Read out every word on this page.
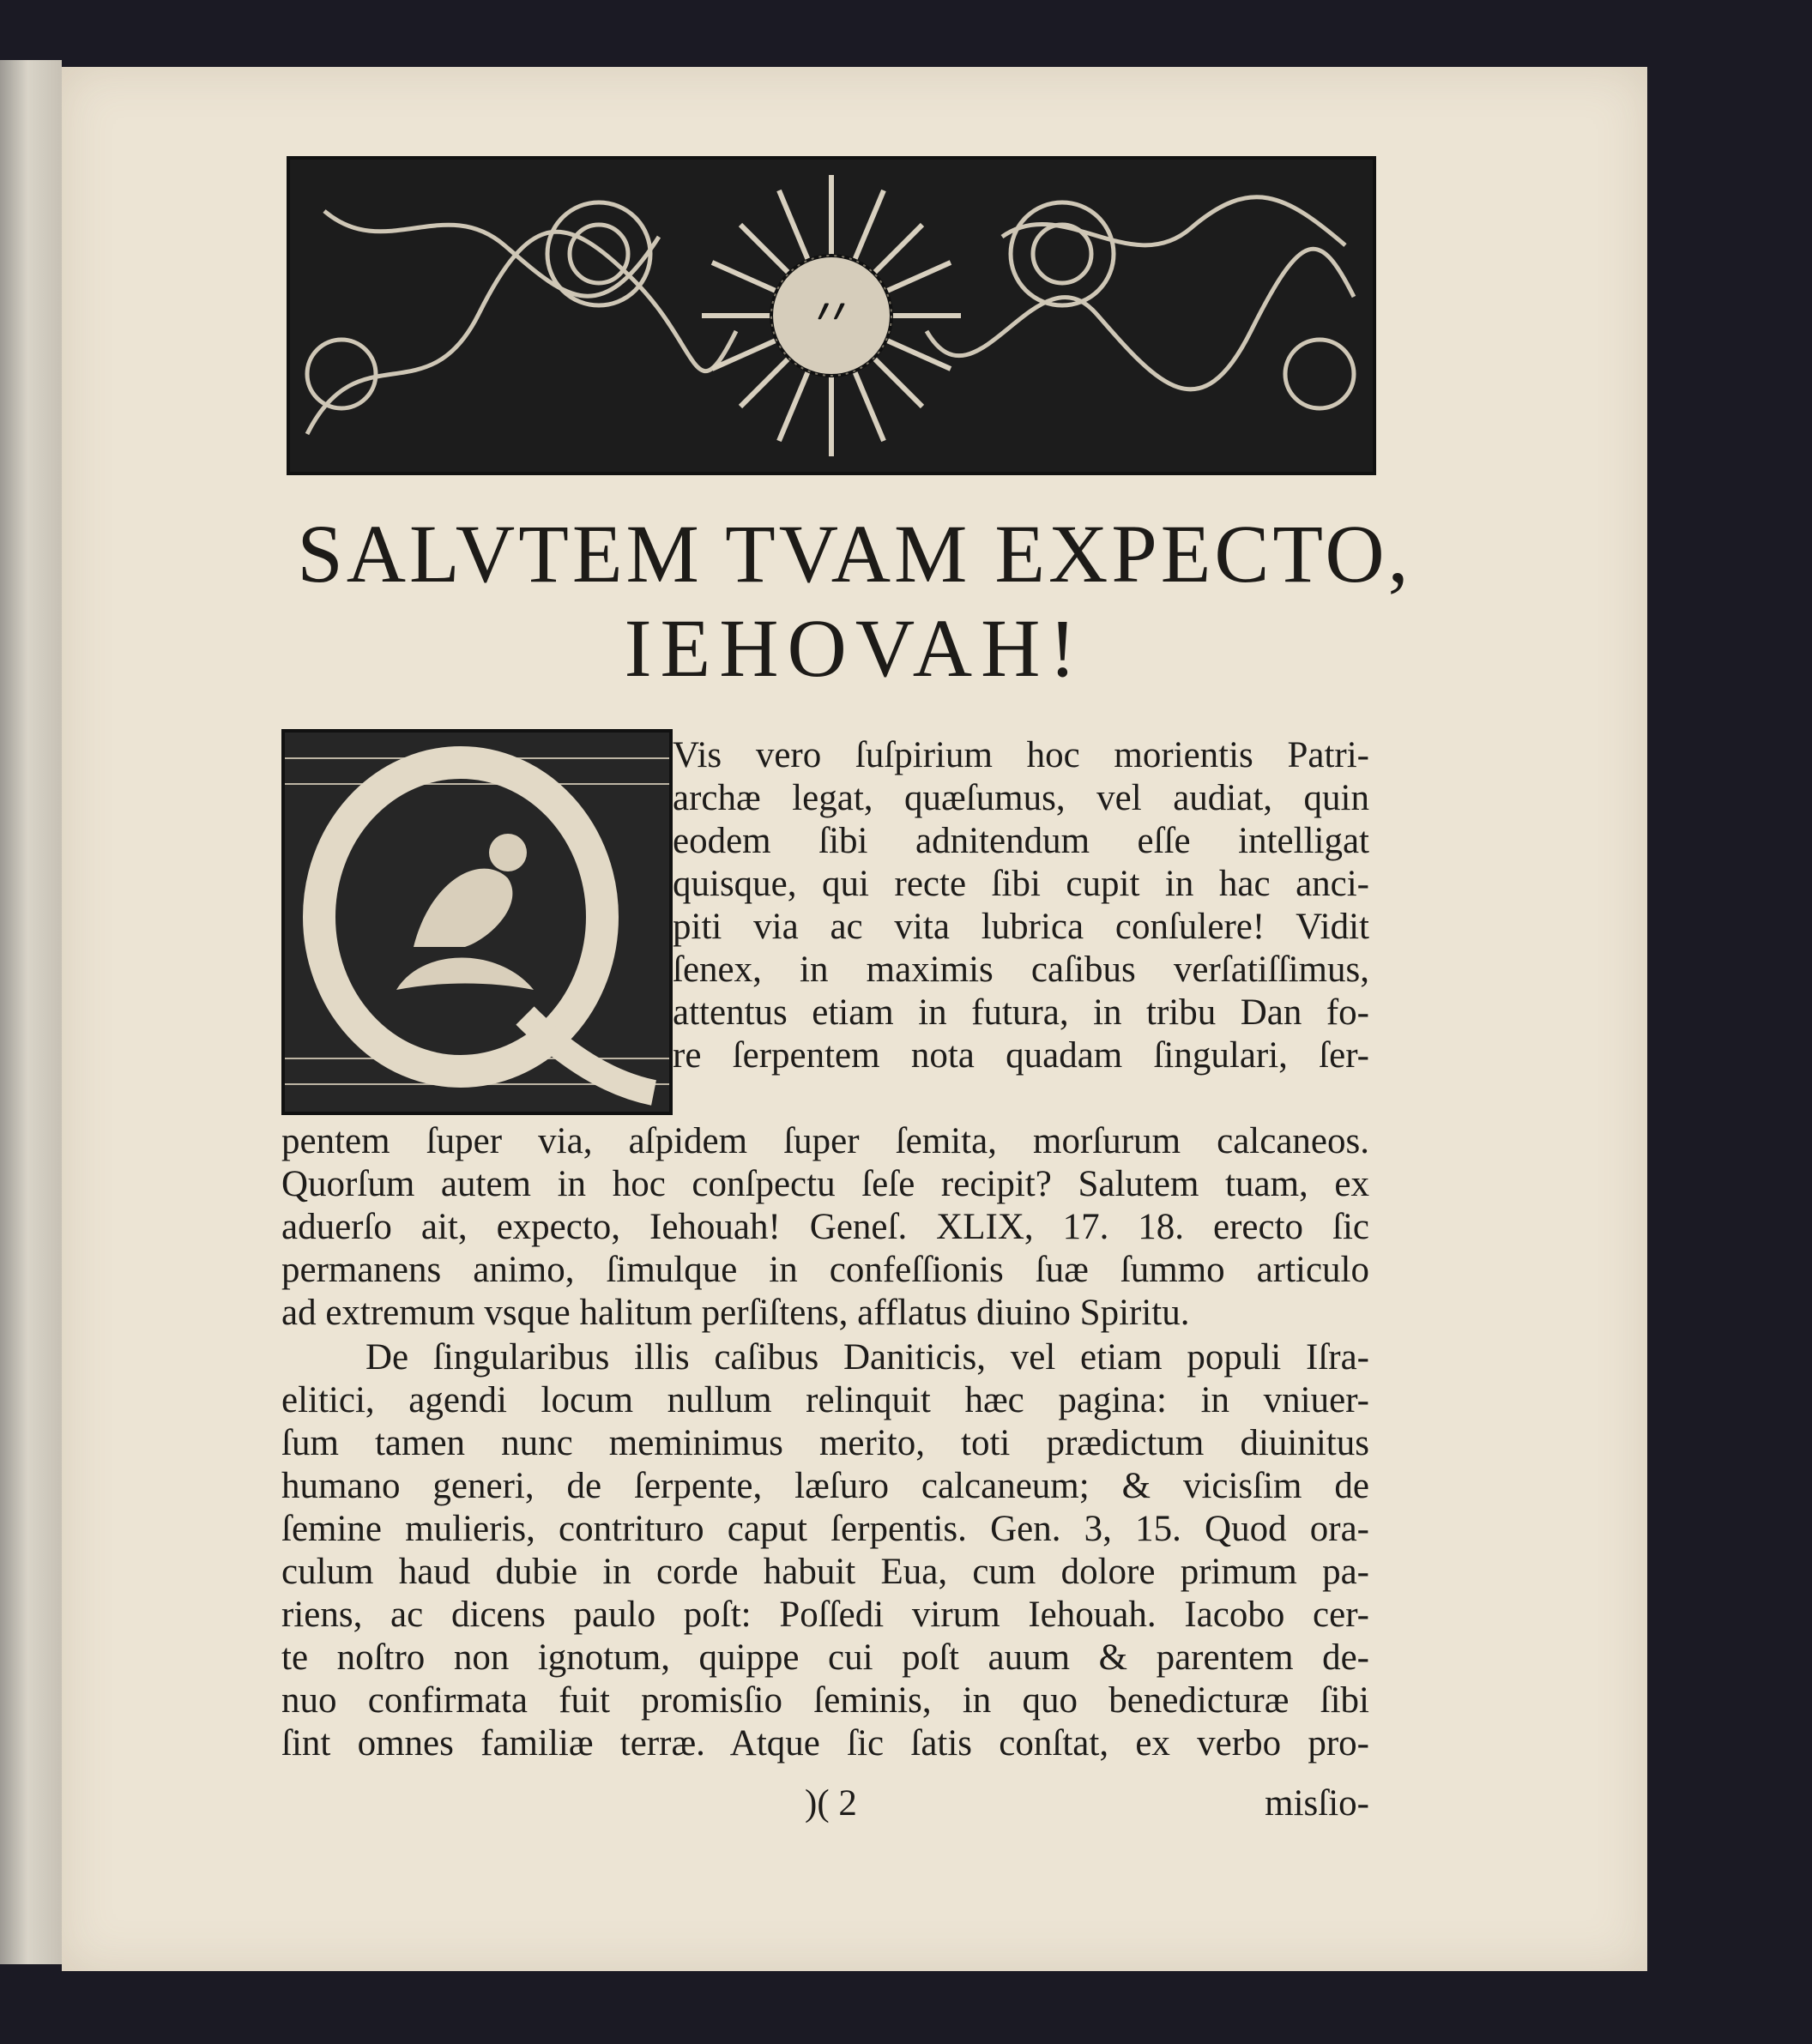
׳׳
SALVTEM TVAM EXPECTO,
IEHOVAH!
Vis vero ſuſpirium hoc morientis Patri-
archæ legat, quæſumus, vel audiat, quin
eodem ſibi adnitendum eſſe intelligat
quisque, qui recte ſibi cupit in hac anci-
piti via ac vita lubrica conſulere! Vidit
ſenex, in maximis caſibus verſatiſſimus,
attentus etiam in futura, in tribu Dan fo-
re ſerpentem nota quadam ſingulari, ſer-
pentem ſuper via, aſpidem ſuper ſemita, morſurum calcaneos.
Quorſum autem in hoc conſpectu ſeſe recipit? Salutem tuam, ex
aduerſo ait, expecto, Iehouah! Geneſ. XLIX, 17. 18. erecto ſic
permanens animo, ſimulque in confeſſionis ſuæ ſummo articulo
ad extremum vsque halitum perſiſtens, afflatus diuino Spiritu.
De ſingularibus illis caſibus Daniticis, vel etiam populi Iſra-
elitici, agendi locum nullum relinquit hæc pagina: in vniuer-
ſum tamen nunc meminimus merito, toti prædictum diuinitus
humano generi, de ſerpente, læſuro calcaneum; & vicisſim de
ſemine mulieris, contrituro caput ſerpentis. Gen. 3, 15. Quod ora-
culum haud dubie in corde habuit Eua, cum dolore primum pa-
riens, ac dicens paulo poſt: Poſſedi virum Iehouah. Iacobo cer-
te noſtro non ignotum, quippe cui poſt auum & parentem de-
nuo confirmata fuit promisſio ſeminis, in quo benedicturæ ſibi
ſint omnes familiæ terræ. Atque ſic ſatis conſtat, ex verbo pro-
)( 2	misſio-
